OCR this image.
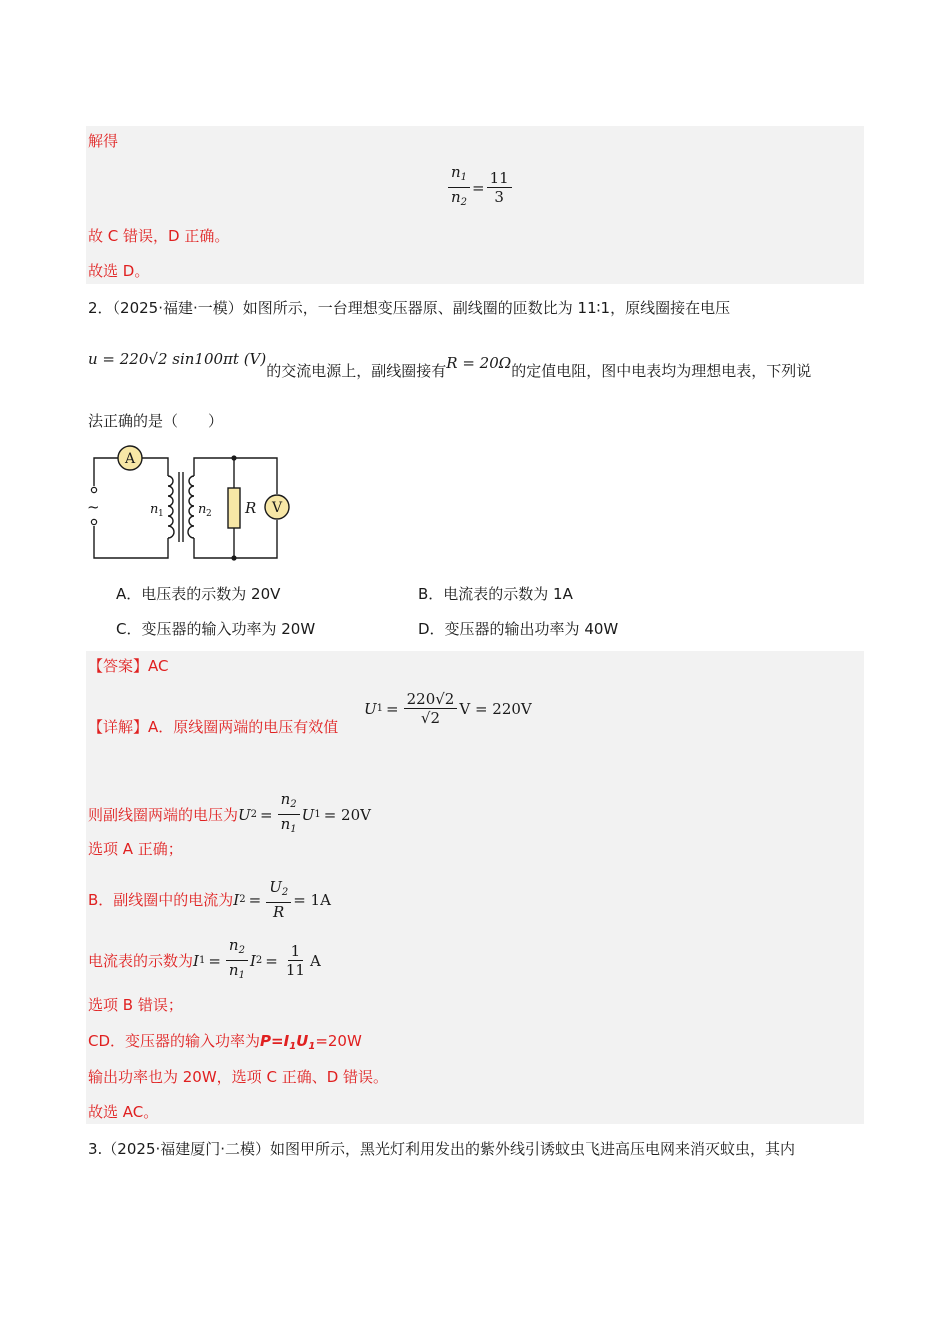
解得
$\frac{n_1}{n_2} = \frac{11}{3}$
故 C 错误，D 正确。
故选 D。
2．（2025·福建·一模）如图所示，一台理想变压器原、副线圈的匝数比为 11∶1，原线圈接在电压
u = 220√2 sin100πt (V)的交流电源上，副线圈接有R = 20Ω的定值电阻，图中电表均为理想电表，下列说
法正确的是（　　）
~
A
R V
n 1	n 2
A．电压表的示数为 20V	B．电流表的示数为 1A
C．变压器的输入功率为 20W	D．变压器的输出功率为 40W
【答案】AC
【详解】A．原线圈两端的电压有效值
U $1 = \frac{220√2}{√2}$ V = 220V
则副线圈两端的电压为 U $2 = \frac{n_2}{n_1}$ U 1 = 20V
选项 A 正确；
B．副线圈中的电流为 I $2 = \frac{U_2}{R} = 1A$
电流表的示数为 I $1 = \frac{n_2}{n_1}$ I $2 = \frac{1}{11}$ A
选项 B 错误；
CD．变压器的输入功率为$P=I_1U_1=20W$
输出功率也为 20W，选项 C 正确、D 错误。
故选 AC。
3.（2025·福建厦门·二模）如图甲所示，黑光灯利用发出的紫外线引诱蚊虫飞进高压电网来消灭蚊虫，其内
